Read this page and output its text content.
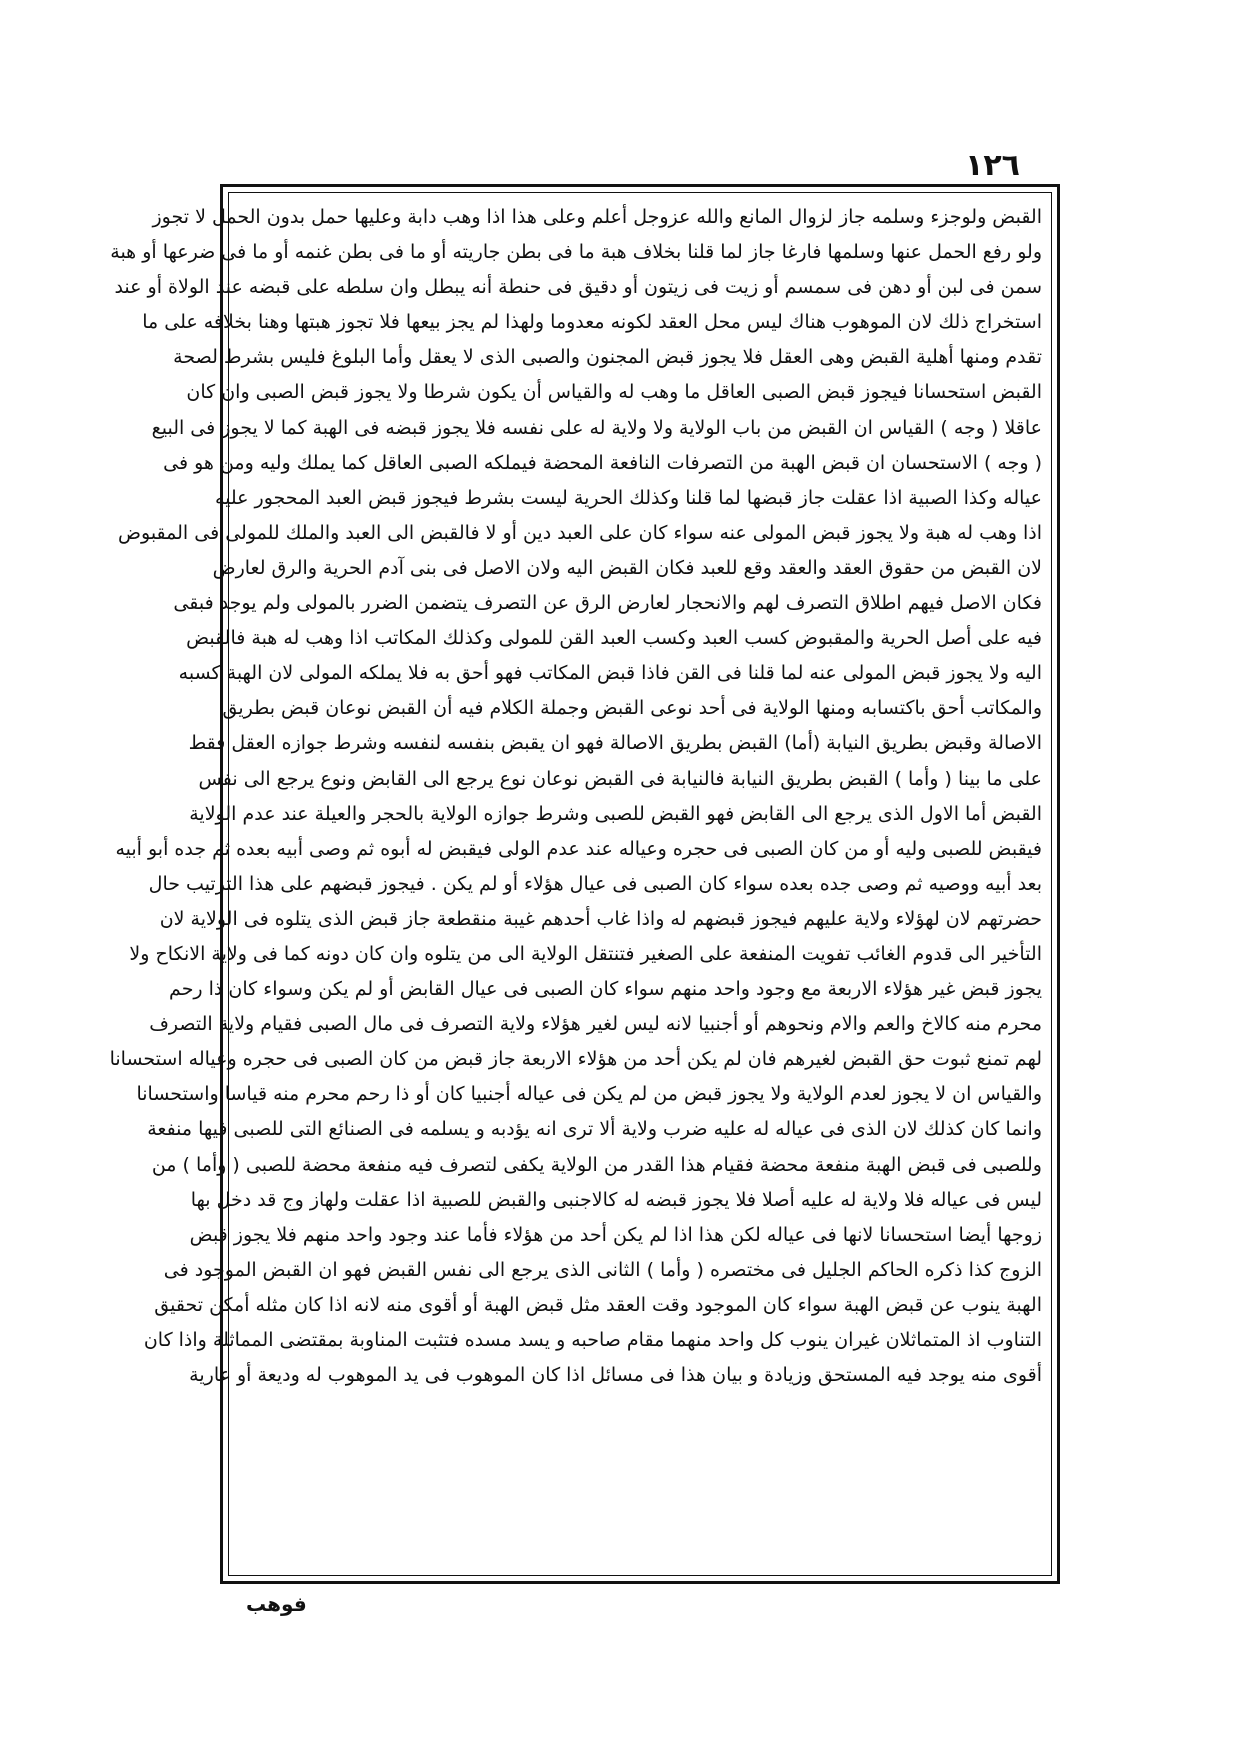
١٢٦
القبض ولوجزء وسلمه جاز لزوال المانع والله عزوجل أعلم وعلى هذا اذا وهب دابة وعليها حمل بدون الحمل لا تجوز
ولو رفع الحمل عنها وسلمها فارغا جاز لما قلنا بخلاف هبة ما فى بطن جاريته أو ما فى بطن غنمه أو ما فى ضرعها أو هبة
سمن فى لبن أو دهن فى سمسم أو زيت فى زيتون أو دقيق فى حنطة أنه يبطل وان سلطه على قبضه عند الولاة أو عند
استخراج ذلك لان الموهوب هناك ليس محل العقد لكونه معدوما ولهذا لم يجز بيعها فلا تجوز هبتها وهنا بخلافه على ما
تقدم ومنها أهلية القبض وهى العقل فلا يجوز قبض المجنون والصبى الذى لا يعقل وأما البلوغ فليس بشرط لصحة
القبض استحسانا فيجوز قبض الصبى العاقل ما وهب له والقياس أن يكون شرطا ولا يجوز قبض الصبى وان كان
عاقلا ( وجه ) القياس ان القبض من باب الولاية ولا ولاية له على نفسه فلا يجوز قبضه فى الهبة كما لا يجوز فى البيع
( وجه ) الاستحسان ان قبض الهبة من التصرفات النافعة المحضة فيملكه الصبى العاقل كما يملك وليه ومن هو فى
عياله وكذا الصبية اذا عقلت جاز قبضها لما قلنا وكذلك الحرية ليست بشرط فيجوز قبض العبد المحجور عليه
اذا وهب له هبة ولا يجوز قبض المولى عنه سواء كان على العبد دين أو لا فالقبض الى العبد والملك للمولى فى المقبوض
لان القبض من حقوق العقد والعقد وقع للعبد فكان القبض اليه ولان الاصل فى بنى آدم الحرية والرق لعارض
فكان الاصل فيهم اطلاق التصرف لهم والانحجار لعارض الرق عن التصرف يتضمن الضرر بالمولى ولم يوجد فبقى
فيه على أصل الحرية والمقبوض كسب العبد وكسب العبد القن للمولى وكذلك المكاتب اذا وهب له هبة فالقبض
اليه ولا يجوز قبض المولى عنه لما قلنا فى القن فاذا قبض المكاتب فهو أحق به فلا يملكه المولى لان الهبة كسبه
والمكاتب أحق باكتسابه ومنها الولاية فى أحد نوعى القبض وجملة الكلام فيه أن القبض نوعان قبض بطريق
الاصالة وقبض بطريق النيابة (أما) القبض بطريق الاصالة فهو ان يقبض بنفسه لنفسه وشرط جوازه العقل فقط
على ما بينا ( وأما ) القبض بطريق النيابة فالنيابة فى القبض نوعان نوع يرجع الى القابض ونوع يرجع الى نفس
القبض أما الاول الذى يرجع الى القابض فهو القبض للصبى وشرط جوازه الولاية بالحجر والعيلة عند عدم الولاية
فيقبض للصبى وليه أو من كان الصبى فى حجره وعياله عند عدم الولى فيقبض له أبوه ثم وصى أبيه بعده ثم جده أبو أبيه
بعد أبيه ووصيه ثم وصى جده بعده سواء كان الصبى فى عيال هؤلاء أو لم يكن . فيجوز قبضهم على هذا الترتيب حال
حضرتهم لان لهؤلاء ولاية عليهم فيجوز قبضهم له واذا غاب أحدهم غيبة منقطعة جاز قبض الذى يتلوه فى الولاية لان
التأخير الى قدوم الغائب تفويت المنفعة على الصغير فتنتقل الولاية الى من يتلوه وان كان دونه كما فى ولاية الانكاح ولا
يجوز قبض غير هؤلاء الاربعة مع وجود واحد منهم سواء كان الصبى فى عيال القابض أو لم يكن وسواء كان ذا رحم
محرم منه كالاخ والعم والام ونحوهم أو أجنبيا لانه ليس لغير هؤلاء ولاية التصرف فى مال الصبى فقيام ولاية التصرف
لهم تمنع ثبوت حق القبض لغيرهم فان لم يكن أحد من هؤلاء الاربعة جاز قبض من كان الصبى فى حجره وعياله استحسانا
والقياس ان لا يجوز لعدم الولاية ولا يجوز قبض من لم يكن فى عياله أجنبيا كان أو ذا رحم محرم منه قياسا واستحسانا
وانما كان كذلك لان الذى فى عياله له عليه ضرب ولاية ألا ترى انه يؤدبه و يسلمه فى الصنائع التى للصبى فيها منفعة
وللصبى فى قبض الهبة منفعة محضة فقيام هذا القدر من الولاية يكفى لتصرف فيه منفعة محضة للصبى ( وأما ) من
ليس فى عياله فلا ولاية له عليه أصلا فلا يجوز قبضه له كالاجنبى والقبض للصبية اذا عقلت ولهاز وج قد دخل بها
زوجها أيضا استحسانا لانها فى عياله لكن هذا اذا لم يكن أحد من هؤلاء فأما عند وجود واحد منهم فلا يجوز قبض
الزوج كذا ذكره الحاكم الجليل فى مختصره ( وأما ) الثانى الذى يرجع الى نفس القبض فهو ان القبض الموجود فى
الهبة ينوب عن قبض الهبة سواء كان الموجود وقت العقد مثل قبض الهبة أو أقوى منه لانه اذا كان مثله أمكن تحقيق
التناوب اذ المتماثلان غيران ينوب كل واحد منهما مقام صاحبه و يسد مسده فتثبت المناوبة بمقتضى المماثلة واذا كان
أقوى منه يوجد فيه المستحق وزيادة و بيان هذا فى مسائل اذا كان الموهوب فى يد الموهوب له وديعة أو عارية
فوهب
